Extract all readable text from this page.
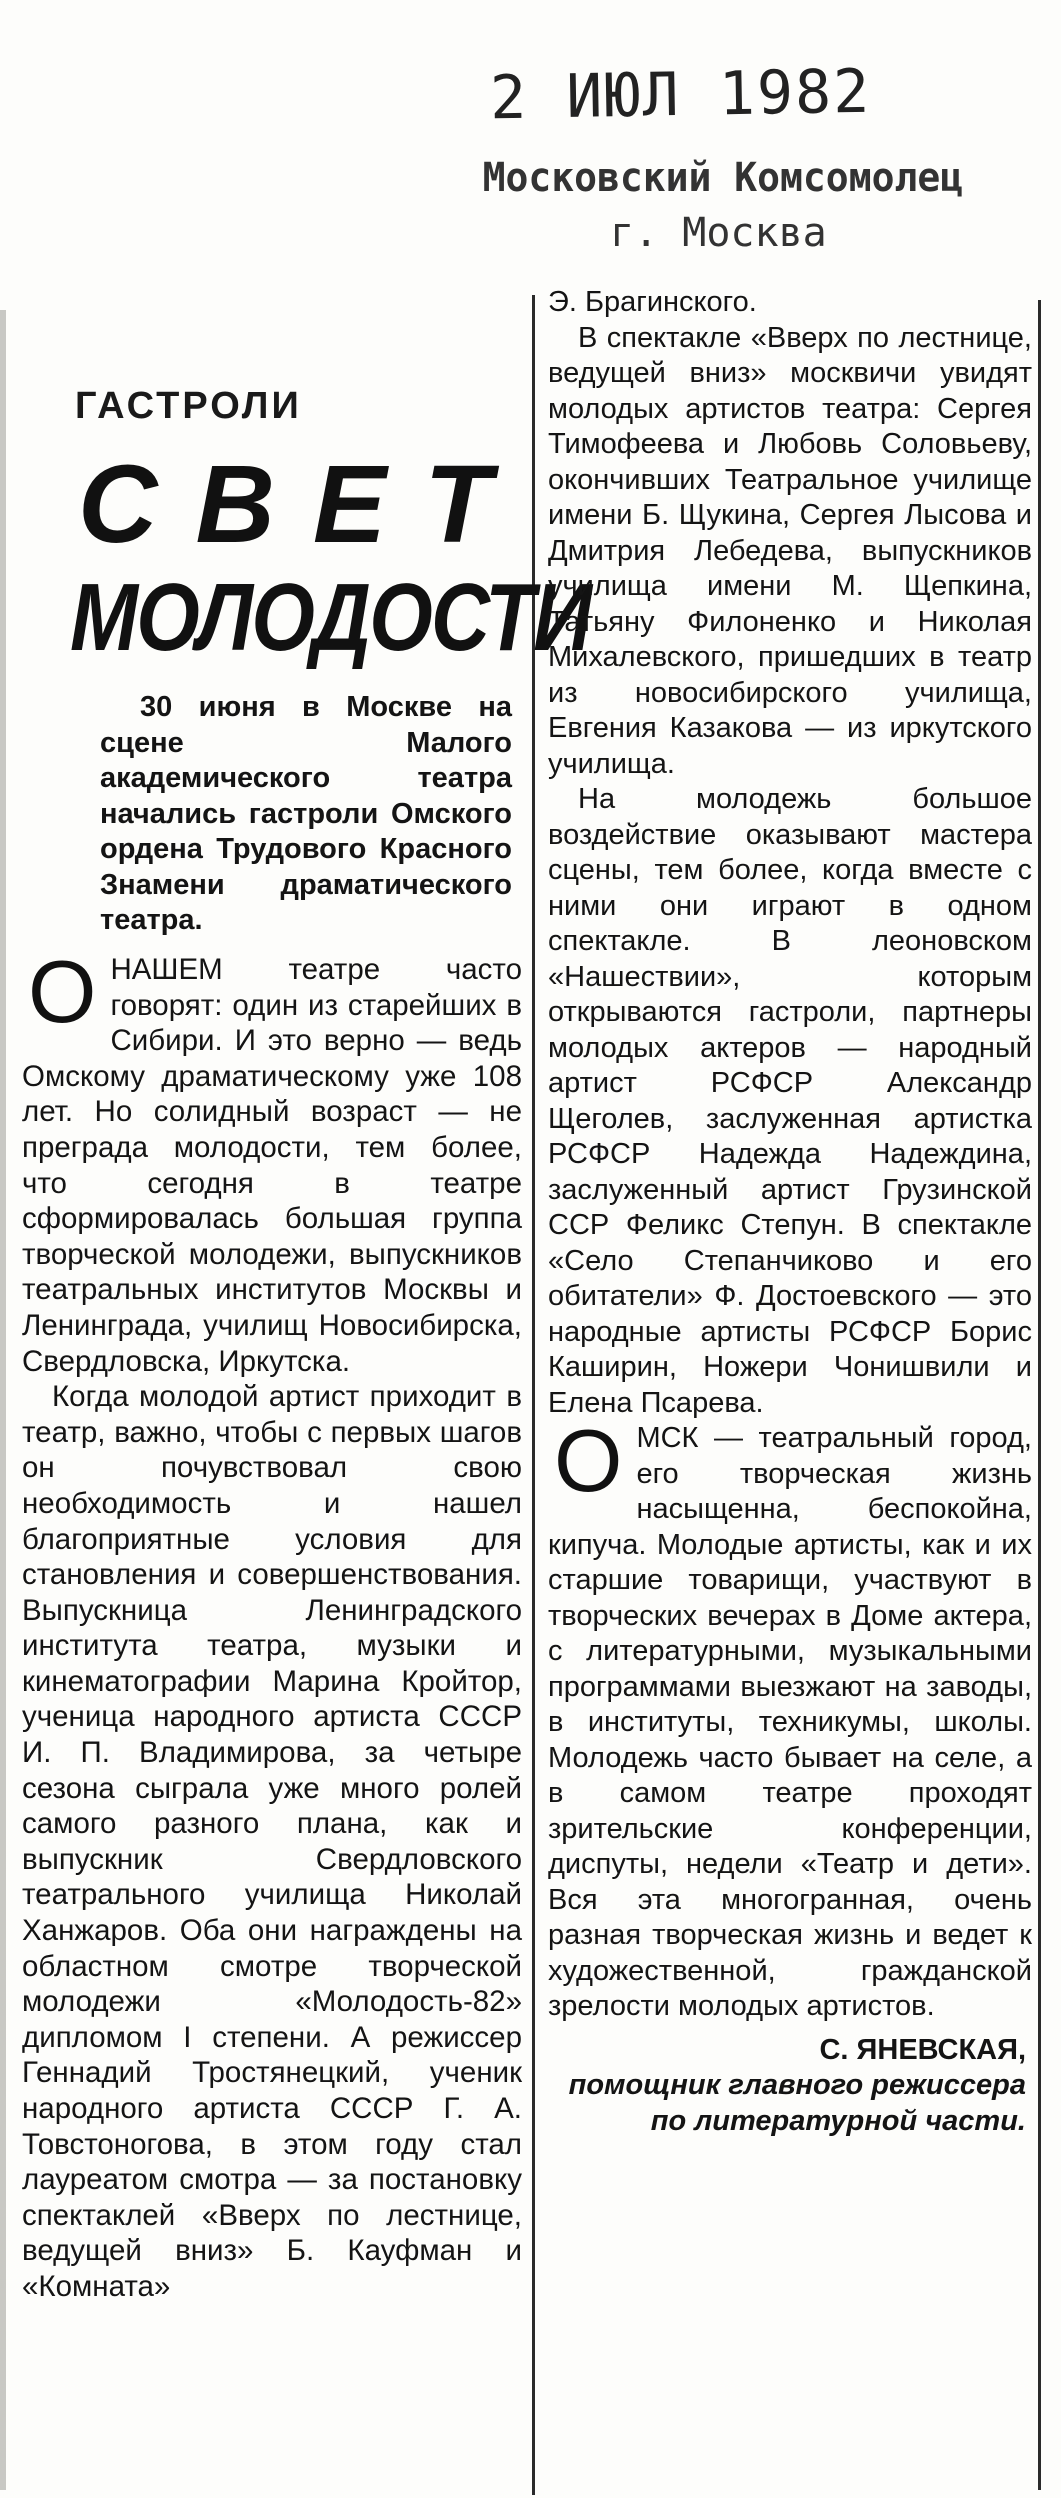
2 ИЮЛ 1982
Московский Комсомолец
г. Москва
ГАСТРОЛИ
СВЕТ
МОЛОДОСТИ

30 июня в Москве на сцене Малого академического театра начались гастроли Омского ордена Трудового Красного Знамени драматического театра.

ОНАШЕМ театре часто говорят: один из старейших в Сибири. И это верно — ведь Омскому драматическому уже 108 лет. Но солидный возраст — не преграда молодости, тем более, что сегодня в театре сформировалась большая группа творческой молодежи, выпускников театральных институтов Москвы и Ленинграда, училищ Новосибирска, Свердловска, Иркутска.

Когда молодой артист приходит в театр, важно, чтобы с первых шагов он почувствовал свою необходимость и нашел благоприятные условия для становления и совершенствования. Выпускница Ленинградского института театра, музыки и кинематографии Марина Кройтор, ученица народного артиста СССР И. П. Владимирова, за четыре сезона сыграла уже много ролей самого разного плана, как и выпускник Свердловского театрального училища Николай Ханжаров. Оба они награждены на областном смотре творческой молодежи «Молодость-82» дипломом I степени. А режиссер Геннадий Тростянецкий, ученик народного артиста СССР Г. А. Товстоногова, в этом году стал лауреатом смотра — за постановку спектаклей «Вверх по лестнице, ведущей вниз» Б. Кауфман и «Комната»

Э. Брагинского.

В спектакле «Вверх по лестнице, ведущей вниз» москвичи увидят молодых артистов театра: Сергея Тимофеева и Любовь Соловьеву, окончивших Театральное училище имени Б. Щукина, Сергея Лысова и Дмитрия Лебедева, выпускников училища имени М. Щепкина, Татьяну Филоненко и Николая Михалевского, пришедших в театр из новосибирского училища, Евгения Казакова — из иркутского училища.

На молодежь большое воздействие оказывают мастера сцены, тем более, когда вместе с ними они играют в одном спектакле. В леоновском «Нашествии», которым открываются гастроли, партнеры молодых актеров — народный артист РСФСР Александр Щеголев, заслуженная артистка РСФСР Надежда Надеждина, заслуженный артист Грузинской ССР Феликс Степун. В спектакле «Село Степанчиково и его обитатели» Ф. Достоевского — это народные артисты РСФСР Борис Каширин, Ножери Чонишвили и Елена Псарева.

ОМСК — театральный город, его творческая жизнь насыщенна, беспокойна, кипуча. Молодые артисты, как и их старшие товарищи, участвуют в творческих вечерах в Доме актера, с литературными, музыкальными программами выезжают на заводы, в институты, техникумы, школы. Молодежь часто бывает на селе, а в самом театре проходят зрительские конференции, диспуты, недели «Театр и дети». Вся эта многогранная, очень разная творческая жизнь и ведет к художественной, гражданской зрелости молодых артистов.

С. ЯНЕВСКАЯ,
помощник главного режиссера по литературной части.
